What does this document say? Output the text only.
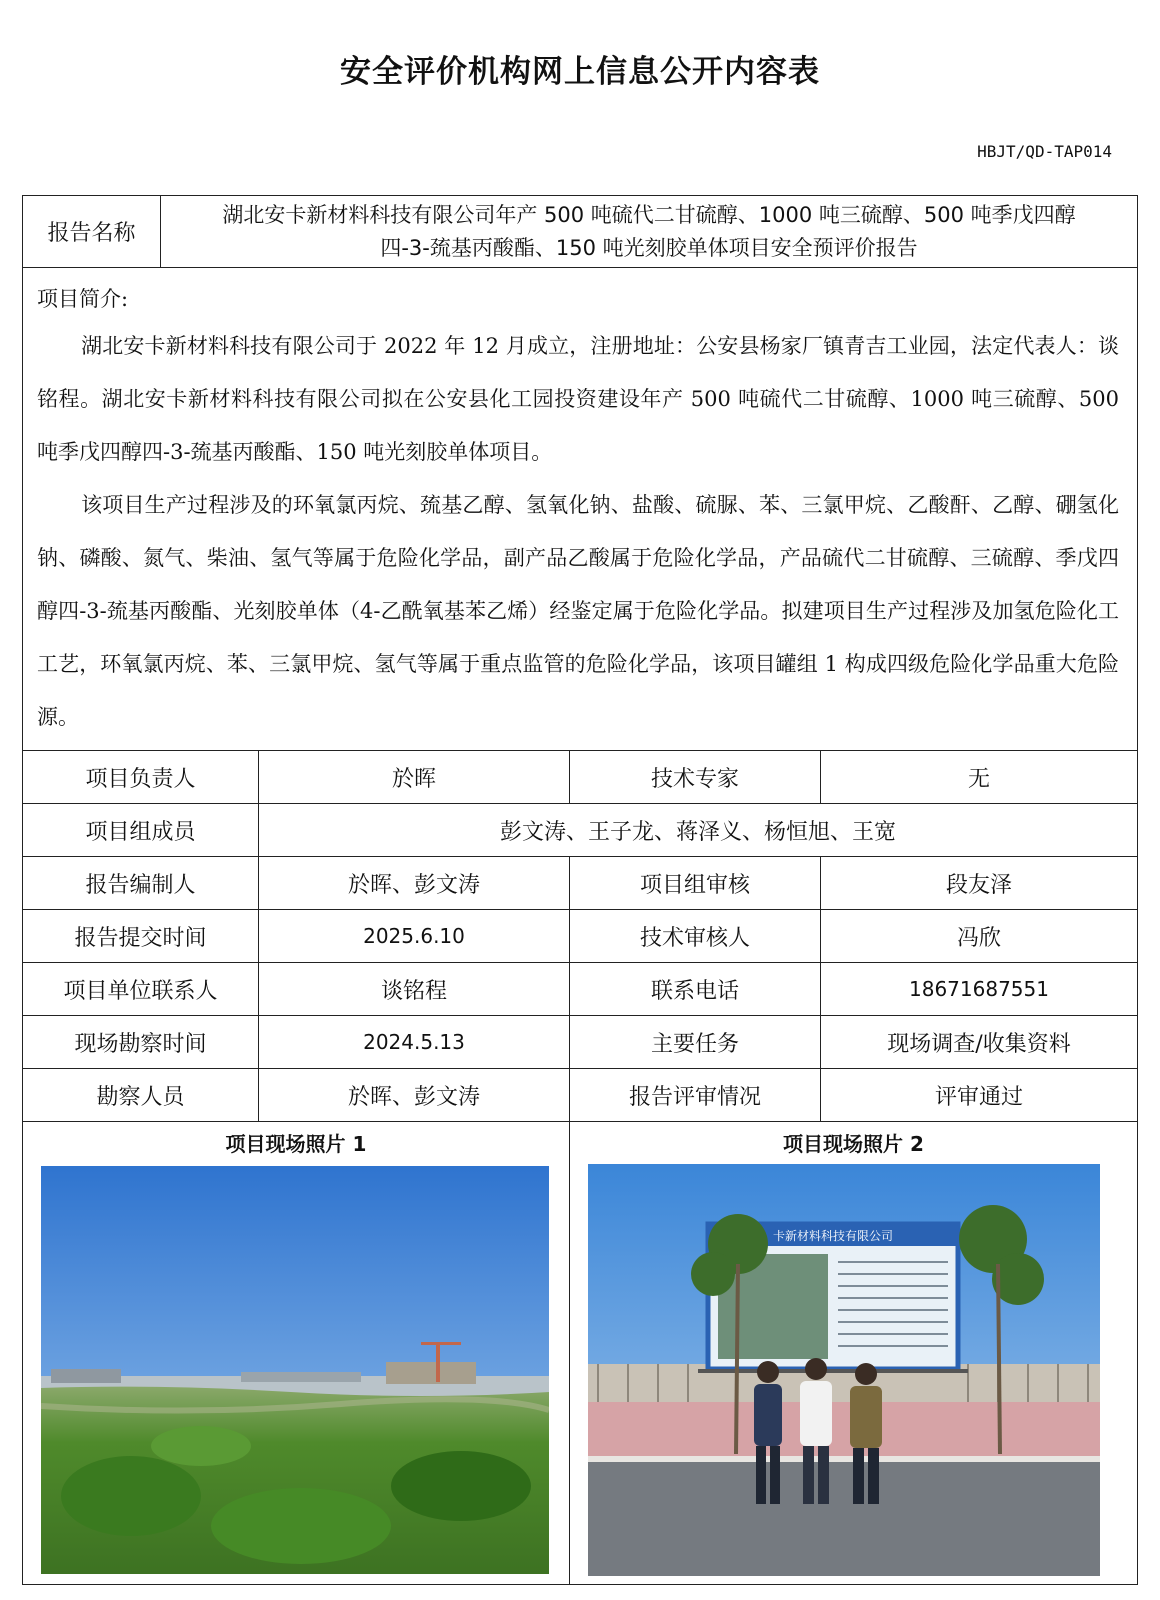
安全评价机构网上信息公开内容表
HBJT/QD-TAP014
报告名称
湖北安卡新材料科技有限公司年产 500 吨硫代二甘硫醇、1000 吨三硫醇、500 吨季戊四醇
四-3-巯基丙酸酯、150 吨光刻胶单体项目安全预评价报告
项目简介:

湖北安卡新材料科技有限公司于 2022 年 12 月成立，注册地址：公安县杨家厂镇青吉工业园，法定代表人：谈铭程。湖北安卡新材料科技有限公司拟在公安县化工园投资建设年产 500 吨硫代二甘硫醇、1000 吨三硫醇、500 吨季戊四醇四-3-巯基丙酸酯、150 吨光刻胶单体项目。

该项目生产过程涉及的环氧氯丙烷、巯基乙醇、氢氧化钠、盐酸、硫脲、苯、三氯甲烷、乙酸酐、乙醇、硼氢化钠、磷酸、氮气、柴油、氢气等属于危险化学品，副产品乙酸属于危险化学品，产品硫代二甘硫醇、三硫醇、季戊四醇四-3-巯基丙酸酯、光刻胶单体（4-乙酰氧基苯乙烯）经鉴定属于危险化学品。拟建项目生产过程涉及加氢危险化工工艺，环氧氯丙烷、苯、三氯甲烷、氢气等属于重点监管的危险化学品，该项目罐组 1 构成四级危险化学品重大危险源。

项目负责人	於晖	技术专家	无
项目组成员	彭文涛、王子龙、蒋泽义、杨恒旭、王宽
报告编制人	於晖、彭文涛	项目组审核	段友泽
报告提交时间	2025.6.10	技术审核人	冯欣
项目单位联系人	谈铭程	联系电话	18671687551
现场勘察时间	2024.5.13	主要任务	现场调查/收集资料
勘察人员	於晖、彭文涛	报告评审情况	评审通过
项目现场照片 1	项目现场照片 2
卡新材料科技有限公司
